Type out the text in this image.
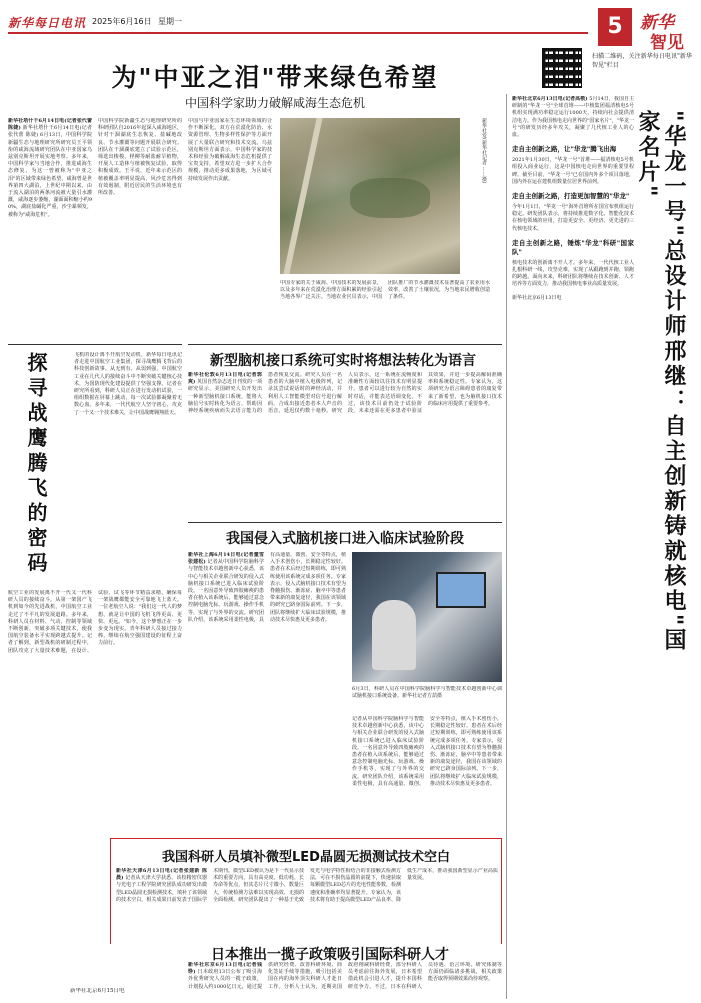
新华每日电讯 2025年6月16日 星期一	5	新华
智见
扫描二维码，关注新华每日电讯"新华智见"栏目
为"中亚之泪"带来绿色希望
中国科学家助力破解咸海生态危机
新华社塔什干6月14日电(记者张代蕾 陈婕) 新华社塔什干6月14日电(记者张代蕾 陈婕) 6月13日，中国科学院新疆生态与地理研究所研究员王平领衔的咸海流域研究团队在中亚国家乌兹别克斯坦开展实地考察。多年来，中国科学家与当地合作，推进咸海生态修复，为这一曾被称为"中亚之泪"的区域带来绿色希望。咸海曾是世界第四大湖泊，上世纪中期以来，由于流入湖泊的两条河流被大量引水灌溉，咸海逐步萎缩，湖面面积缩小约90%，湖底盐碱化严重，沙尘暴频发，被称为"咸海危机"。
中国科学院新疆生态与地理研究所的科研团队自2016年起深入咸海地区，针对干涸湖底生态恢复、盐碱地改良、节水灌溉等问题开展联合研究。团队在干涸湖底建立了试验示范区，筛选出梭梭、柽柳等耐盐耐旱植物，开展人工造林与植被恢复试验，取得积极成效。王平说，近年来示范区的植被覆盖率明显提高，风沙危害得到有效遏制，附近居民的生活环境也有所改善。
中国与中亚国家在生态环境领域的合作不断深化。双方在荒漠化防治、水资源管理、生物多样性保护等方面开展了大量联合研究和技术交流。乌兹别克斯坦方面表示，中国科学家的技术和经验为破解咸海生态危机提供了宝贵支持，希望双方进一步扩大合作规模，推动更多成果落地，为区域可持续发展作出贡献。	新华社发(新华社记者 ……摄)
中国专家的关于咸海、中国技术的发展前景，以及多年来在荒漠化治理方面积累的经验引起当地各界广泛关注。当地农业官员表示，中国团队推广的节水灌溉技术显著提高了农业用水效率，改善了土壤状况，为当地农民增收创造了条件。
探寻战鹰腾飞的密码	飞机的设计离不开航空发动机，新华每日电讯记者走进中国航空工业集团，探寻战鹰腾飞背后的科技创新故事。从无到有、从弱到强，中国航空工业在几代人的接续奋斗中不断突破关键核心技术，为国防现代化建设提供了坚强支撑。记者在研究所看到，科研人员正在进行发动机试验，一组组数据在屏幕上跳动，每一次试验都凝聚着无数心血。多年来，一代代航空人坚守初心，攻克了一个又一个技术难关，让中国战鹰翱翔蓝天。
航空工业的发展离不开一代又一代科研人员的接续奋斗。从第一架国产飞机到如今的先进战机，中国航空工业走过了不平凡的发展道路。多年来，科研人员在材料、气动、控制等领域不断创新，突破多项关键技术，使我国航空装备水平实现跨越式提升。记者了解到，新型战机的研制过程中，团队攻克了大量技术难题，在设计、试验、试飞等环节精益求精，确保每一架战鹰都能安全可靠地飞上蓝天。一位老航空人说："我们这一代人的梦想，就是让中国的飞机飞得更高、更快、更远。"如今，这个梦想正在一步步变为现实。青年科研人员接过接力棒，继续在航空强国建设的征程上奋力前行。
新华社北京6月15日电
新型脑机接口系统可实时将想法转化为语言
新华社伦敦6月13日电(记者郭爽) 英国自然杂志近日刊发的一项研究显示，美国研究人员开发出一种新型脑机接口系统，能将大脑信号实时转化为语言，帮助因神经系统疾病而失去语言能力的患者恢复交流。研究人员在一名患者的大脑中植入电极阵列，记录其尝试说话时的神经活动，并利用人工智能模型对信号进行解码，合成出接近患者本人声音的语音，延迟仅约数十毫秒。研究人员表示，这一系统在流畅度和准确性方面较以往技术有明显提升，患者可以进行较为自然的实时对话，并能表达语调变化。不过，该技术目前仍处于试验阶段，未来还需在更多患者中验证其效果，并进一步提高解码准确率和系统稳定性。专家认为，这项研究为语言障碍患者的康复带来了新希望，也为脑机接口技术的临床应用提供了重要参考。
我国侵入式脑机接口进入临床试验阶段
新华社上海6月14日电(记者董雪 张建松) 记者从中国科学院脑科学与智能技术卓越创新中心获悉，该中心与相关企业联合研发的侵入式脑机接口系统已进入临床试验阶段。一名因意外导致四肢瘫痪的患者在植入该系统后，能够通过意念控制电脑光标、玩游戏、操作手机等，实现了与外界的交流。研究团队介绍，该系统采用柔性电极，具有高通量、微创、安全等特点，植入手术创伤小，长期稳定性较好。患者在术后经过短期训练，即可熟练使用该系统完成多项任务。专家表示，侵入式脑机接口技术有望为脊髓损伤、渐冻症、脑卒中等患者带来新的康复途径，我国在该领域的研究已跻身国际前列。下一步，团队将继续扩大临床试验规模，推动技术尽快惠及更多患者。
6月3日，科研人员在中国科学院脑科学与智能技术卓越创新中心调试脑机接口系统设备。新华社记者方喆摄
记者从中国科学院脑科学与智能技术卓越创新中心获悉，该中心与相关企业联合研发的侵入式脑机接口系统已进入临床试验阶段。一名因意外导致四肢瘫痪的患者在植入该系统后，能够通过意念控制电脑光标、玩游戏、操作手机等，实现了与外界的交流。研究团队介绍，该系统采用柔性电极，具有高通量、微创、安全等特点，植入手术创伤小，长期稳定性较好。患者在术后经过短期训练，即可熟练使用该系统完成多项任务。专家表示，侵入式脑机接口技术有望为脊髓损伤、渐冻症、脑卒中等患者带来新的康复途径，我国在该领域的研究已跻身国际前列。下一步，团队将继续扩大临床试验规模，推动技术尽快惠及更多患者。
我国科研人员填补微型LED晶圆无损测试技术空白
新华社天津6月13日电(记者张建新 陈晨) 记者从天津大学获悉，该校精密仪器与光电子工程学院研究团队成功研发出微型LED晶圆无损检测技术，填补了该领域的技术空白，相关成果日前发表于国际学术期刊。微型LED被认为是下一代显示技术的重要方向，具有高亮度、低功耗、长寿命等优点，但其芯片尺寸微小、数量巨大，传统检测方法难以实现高效、无损的全面检测。研究团队提出了一种基于光致发光与电学特性相结合的非接触式检测方法，可在不损伤晶圆的前提下，快速获取每颗微型LED芯片的光电性能参数，检测速度和准确率均显著提升。专家认为，该技术将有助于提高微型LED产品良率、降低生产成本，推动我国新型显示产业高质量发展。
日本推出一揽子政策吸引国际科研人才
新华社东京6月13日电(记者钱铮) 日本政府13日公布了吸引海外优秀研究人员的一揽子政策，计划投入约1000亿日元，通过提供研究经费、改善科研环境、简化签证手续等措施，吸引包括美国在内的海外顶尖科研人才赴日工作。分析人士认为，近期美国政府削减科研经费，部分科研人员考虑前往海外发展，日本希望借此机会引进人才，提升本国科研竞争力。不过，日本在科研人员待遇、语言环境、研究体制等方面仍面临诸多挑战，相关政策能否取得预期效果尚待观察。
新华社北京6月13日电(记者高敬) 5月14日，我国自主研制的"华龙一号"全球首堆——中核集团福清核电5号机组实现满功率稳定运行1000天，持续向社会提供清洁电力。作为我国核电走向世界的"国家名片"，"华龙一号"的研发历经多年攻关，凝聚了几代核工业人的心血。
走自主创新之路，让"华龙"腾飞出海
2021年1月30日，"华龙一号"首堆——福清核电5号机组投入商业运行，这是中国核电走向世界的重要里程碑。截至目前，"华龙一号"已在国内外多个项目落地，国内外在运在建机组数量位居世界前列。
走自主创新之路，打造更加智慧的"华龙"
今年1月1日，"华龙一号"海外首堆所在国宣布机组运行稳定。研发团队表示，将持续推进数字化、智能化技术在核电领域的应用，打造更安全、更经济、更先进的三代核电技术。
走自主创新之路，锤炼"华龙"科研"国家队"
核电技术的创新离不开人才。多年来，一代代核工业人扎根科研一线，攻坚克难，实现了从跟跑到并跑、领跑的跨越。面向未来，科研团队将继续在技术创新、人才培养等方面发力，推动我国核电事业高质量发展。
新华社北京6月13日电	"华龙一号"总设计师邢继：自主创新铸就核电"国家名片"
